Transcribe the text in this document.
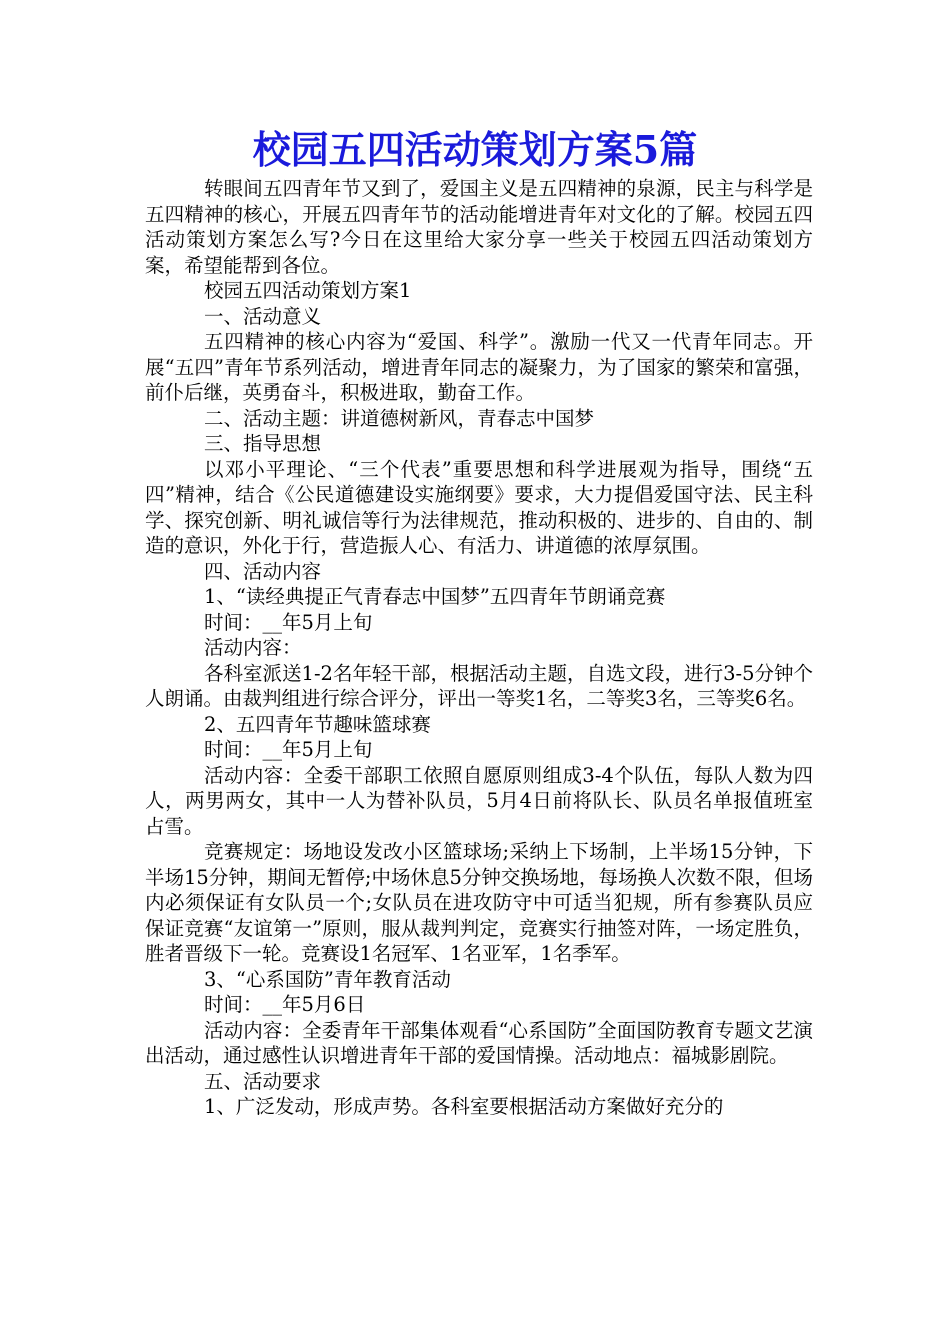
校园五四活动策划方案5篇

转眼间五四青年节又到了，爱国主义是五四精神的泉源，民主与科学是五四精神的核心，开展五四青年节的活动能增进青年对文化的了解。校园五四活动策划方案怎么写?今日在这里给大家分享一些关于校园五四活动策划方案，希望能帮到各位。

校园五四活动策划方案1

一、活动意义

五四精神的核心内容为“爱国、科学”。激励一代又一代青年同志。开展“五四”青年节系列活动，增进青年同志的凝聚力，为了国家的繁荣和富强，前仆后继，英勇奋斗，积极进取，勤奋工作。

二、活动主题：讲道德树新风，青春志中国梦

三、指导思想

以邓小平理论、“三个代表”重要思想和科学进展观为指导，围绕“五四”精神，结合《公民道德建设实施纲要》要求，大力提倡爱国守法、民主科学、探究创新、明礼诚信等行为法律规范，推动积极的、进步的、自由的、制造的意识，外化于行，营造振人心、有活力、讲道德的浓厚氛围。

四、活动内容

1、“读经典提正气青春志中国梦”五四青年节朗诵竞赛

时间：__年5月上旬

活动内容：

各科室派送1-2名年轻干部，根据活动主题，自选文段，进行3-5分钟个人朗诵。由裁判组进行综合评分，评出一等奖1名，二等奖3名，三等奖6名。

2、五四青年节趣味篮球赛

时间：__年5月上旬

活动内容：全委干部职工依照自愿原则组成3-4个队伍，每队人数为四人，两男两女，其中一人为替补队员，5月4日前将队长、队员名单报值班室占雪。

竞赛规定：场地设发改小区篮球场;采纳上下场制，上半场15分钟，下半场15分钟，期间无暂停;中场休息5分钟交换场地，每场换人次数不限，但场内必须保证有女队员一个;女队员在进攻防守中可适当犯规，所有参赛队员应保证竞赛“友谊第一”原则，服从裁判判定，竞赛实行抽签对阵，一场定胜负，胜者晋级下一轮。竞赛设1名冠军、1名亚军，1名季军。

3、“心系国防”青年教育活动

时间：__年5月6日

活动内容：全委青年干部集体观看“心系国防”全面国防教育专题文艺演出活动，通过感性认识增进青年干部的爱国情操。活动地点：福城影剧院。

五、活动要求

1、广泛发动，形成声势。各科室要根据活动方案做好充分的
